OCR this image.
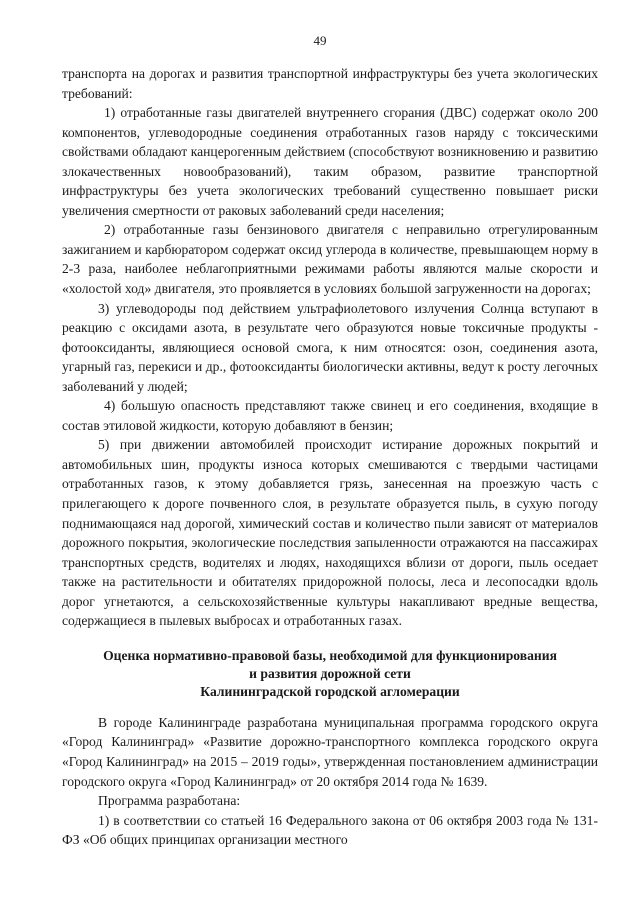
49

транспорта на дорогах и развития транспортной инфраструктуры без учета экологических требований:

1) отработанные газы двигателей внутреннего сгорания (ДВС) содержат около 200 компонентов, углеводородные соединения отработанных газов наряду с токсическими свойствами обладают канцерогенным действием (способствуют возникновению и развитию злокачественных новообразований), таким образом, развитие транспортной инфраструктуры без учета экологических требований существенно повышает риски увеличения смертности от раковых заболеваний среди населения;

2) отработанные газы бензинового двигателя с неправильно отрегулированным зажиганием и карбюратором содержат оксид углерода в количестве, превышающем норму в 2-3 раза, наиболее неблагоприятными режимами работы являются малые скорости и «холостой ход» двигателя, это проявляется в условиях большой загруженности на дорогах;

3) углеводороды под действием ультрафиолетового излучения Солнца вступают в реакцию с оксидами азота, в результате чего образуются новые токсичные продукты - фотооксиданты, являющиеся основой смога, к ним относятся: озон, соединения азота, угарный газ, перекиси и др., фотооксиданты биологически активны, ведут к росту легочных заболеваний у людей;

4) большую опасность представляют также свинец и его соединения, входящие в состав этиловой жидкости, которую добавляют в бензин;

5) при движении автомобилей происходит истирание дорожных покрытий и автомобильных шин, продукты износа которых смешиваются с твердыми частицами отработанных газов, к этому добавляется грязь, занесенная на проезжую часть с прилегающего к дороге почвенного слоя, в результате образуется пыль, в сухую погоду поднимающаяся над дорогой, химический состав и количество пыли зависят от материалов дорожного покрытия, экологические последствия запыленности отражаются на пассажирах транспортных средств, водителях и людях, находящихся вблизи от дороги, пыль оседает также на растительности и обитателях придорожной полосы, леса и лесопосадки вдоль дорог угнетаются, а сельскохозяйственные культуры накапливают вредные вещества, содержащиеся в пылевых выбросах и отработанных газах.

Оценка нормативно-правовой базы, необходимой для функционирования
и развития дорожной сети
Калининградской городской агломерации

В городе Калининграде разработана муниципальная программа городского округа «Город Калининград» «Развитие дорожно-транспортного комплекса городского округа «Город Калининград» на 2015 – 2019 годы», утвержденная постановлением администрации городского округа «Город Калининград» от 20 октября 2014 года № 1639.

Программа разработана:

1) в соответствии со статьей 16 Федерального закона от 06 октября 2003 года № 131-ФЗ «Об общих принципах организации местного
